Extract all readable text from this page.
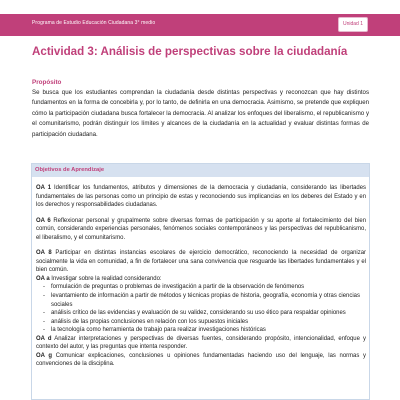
Programa de Estudio Educación Ciudadana 3° medio	Unidad 1
Actividad 3: Análisis de perspectivas sobre la ciudadanía
Propósito

Se busca que los estudiantes comprendan la ciudadanía desde distintas perspectivas y reconozcan que hay distintos fundamentos en la forma de concebirla y, por lo tanto, de definirla en una democracia. Asimismo, se pretende que expliquen cómo la participación ciudadana busca fortalecer la democracia. Al analizar los enfoques del liberalismo, el republicanismo y el comunitarismo, podrán distinguir los límites y alcances de la ciudadanía en la actualidad y evaluar distintas formas de participación ciudadana.

Objetivos de Aprendizaje

OA 1 Identificar los fundamentos, atributos y dimensiones de la democracia y ciudadanía, considerando las libertades fundamentales de las personas como un principio de estas y reconociendo sus implicancias en los deberes del Estado y en los derechos y responsabilidades ciudadanas.

OA 6 Reflexionar personal y grupalmente sobre diversas formas de participación y su aporte al fortalecimiento del bien común, considerando experiencias personales, fenómenos sociales contemporáneos y las perspectivas del republicanismo, el liberalismo, y el comunitarismo.

OA 8 Participar en distintas instancias escolares de ejercicio democrático, reconociendo la necesidad de organizar socialmente la vida en comunidad, a fin de fortalecer una sana convivencia que resguarde las libertades fundamentales y el bien común.

OA a Investigar sobre la realidad considerando:

- formulación de preguntas o problemas de investigación a partir de la observación de fenómenos
- levantamiento de información a partir de métodos y técnicas propias de historia, geografía, economía y otras ciencias sociales
- análisis crítico de las evidencias y evaluación de su validez, considerando su uso ético para respaldar opiniones
- análisis de las propias conclusiones en relación con los supuestos iniciales
- la tecnología como herramienta de trabajo para realizar investigaciones históricas

OA d Analizar interpretaciones y perspectivas de diversas fuentes, considerando propósito, intencionalidad, enfoque y contexto del autor, y las preguntas que intenta responder.

OA g Comunicar explicaciones, conclusiones u opiniones fundamentadas haciendo uso del lenguaje, las normas y convenciones de la disciplina.
